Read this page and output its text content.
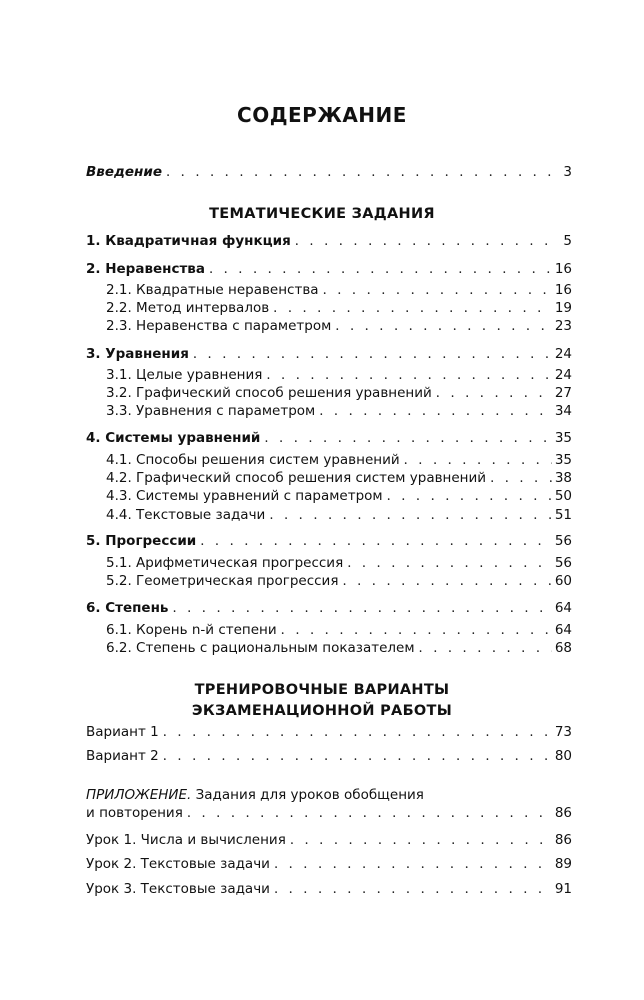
СОДЕРЖАНИЕ
Введение . . .	3
ТЕМАТИЧЕСКИЕ ЗАДАНИЯ
1. Квадратичная функция . . .	5
2. Неравенства . . .	16
2.1. Квадратные неравенства . . .	16
2.2. Метод интервалов . . .	19
2.3. Неравенства с параметром . . .	23
3. Уравнения . . .	24
3.1. Целые уравнения . . .	24
3.2. Графический способ решения уравнений . . .	27
3.3. Уравнения с параметром . . .	34
4. Системы уравнений . . .	35
4.1. Способы решения систем уравнений . . .	35
4.2. Графический способ решения систем уравнений . . .	38
4.3. Системы уравнений с параметром . . .	50
4.4. Текстовые задачи . . .	51
5. Прогрессии . . .	56
5.1. Арифметическая прогрессия . . .	56
5.2. Геометрическая прогрессия . . .	60
6. Степень . . .	64
6.1. Корень n-й степени . . .	64
6.2. Степень с рациональным показателем . . .	68
ТРЕНИРОВОЧНЫЕ ВАРИАНТЫ
ЭКЗАМЕНАЦИОННОЙ РАБОТЫ
Вариант 1 . . .	73
Вариант 2 . . .	80
ПРИЛОЖЕНИЕ. Задания для уроков обобщения
и повторения . . .	86
Урок 1. Числа и вычисления . . .	86
Урок 2. Текстовые задачи . . .	89
Урок 3. Текстовые задачи . . .	91
